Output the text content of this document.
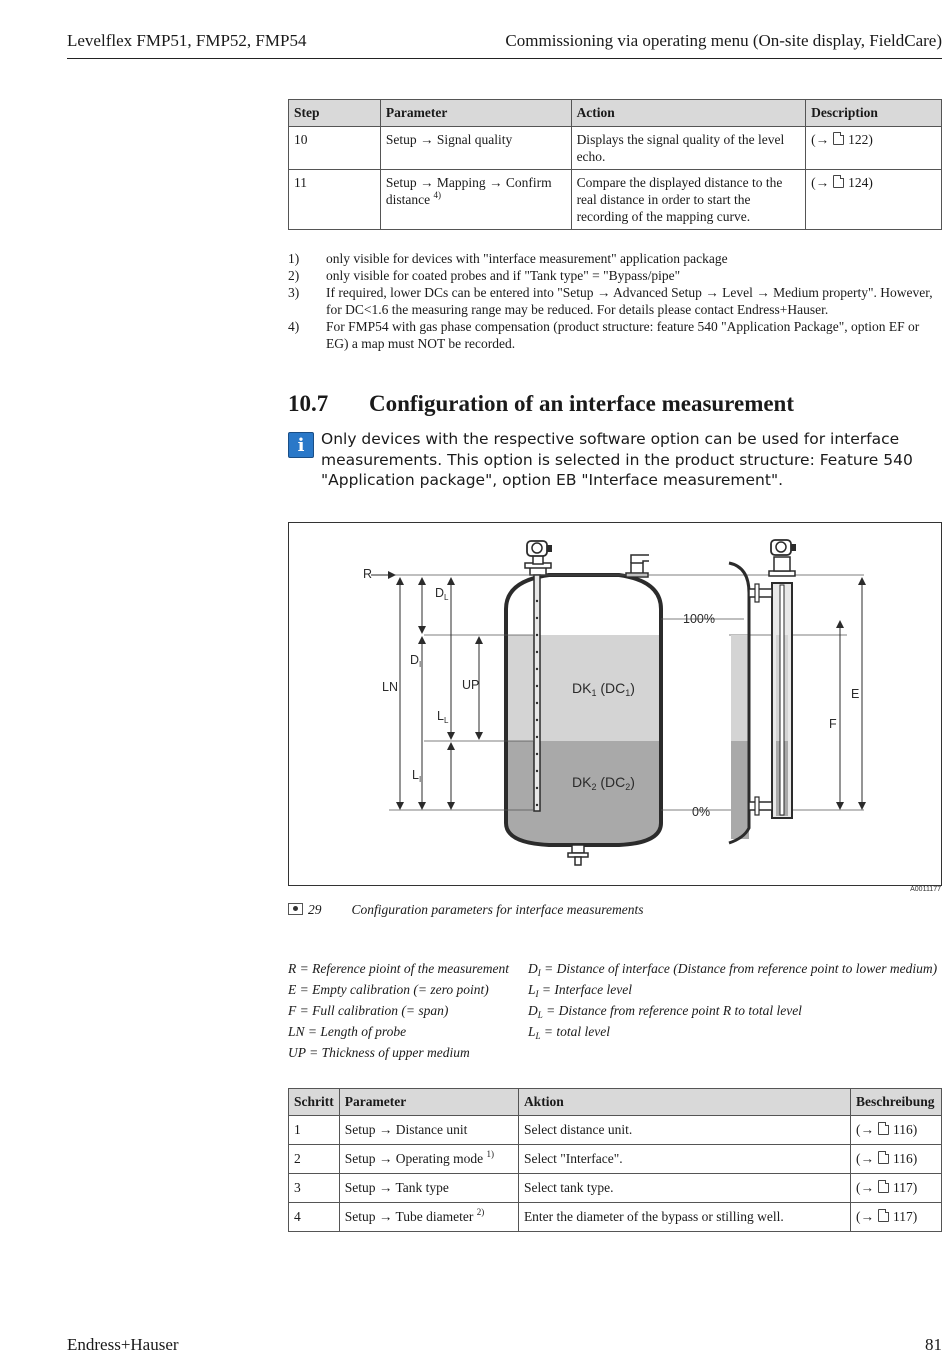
Levelflex FMP51, FMP52, FMP54	Commissioning via operating menu (On-site display, FieldCare)
Step	Parameter	Action	Description
10	Setup → Signal quality	Displays the signal quality of the level echo.	(→ 122)
11	Setup → Mapping → Confirm distance $^{4)}$	Compare the displayed distance to the real distance in order to start the recording of the mapping curve.	(→ 124)
1)	only visible for devices with "interface measurement" application package
2)	only visible for coated probes and if "Tank type" = "Bypass/pipe"
3)	If required, lower DCs can be entered into "Setup → Advanced Setup → Level → Medium property". However, for DC<1.6 the measuring range may be reduced. For details please contact Endress+Hauser.
4)	For FMP54 with gas phase compensation (product structure: feature 540 "Application Package", option EF or EG) a map must NOT be recorded.
10.7 Configuration of an interface measurement
i	Only devices with the respective software option can be used for interface measurements. This option is selected in the product structure: Feature 540 "Application package", option EB "Interface measurement".
R
$D_L$
$D_I$
LN	UP
$L_L$
$L_I$
100%
0%
E
F
$DK_1$ $(DC_1)$
$DK_2$ $(DC_2)$
A0011177
29 Configuration parameters for interface measurements
R = Reference pioint of the measurement
E = Empty calibration (= zero point)
F = Full calibration (= span)
LN = Length of probe
UP = Thickness of upper medium
$D_I$ = Distance of interface (Distance from reference point to lower medium)
$L_I$ = Interface level
$D_L$ = Distance from reference point R to total level
$L_L$ = total level
Schritt	Parameter	Aktion	Beschreibung
1	Setup → Distance unit	Select distance unit.	(→ 116)
2	Setup → Operating mode $^{1)}$	Select "Interface".	(→ 116)
3	Setup → Tank type	Select tank type.	(→ 117)
4	Setup → Tube diameter $^{2)}$	Enter the diameter of the bypass or stilling well.	(→ 117)
Endress+Hauser	81
